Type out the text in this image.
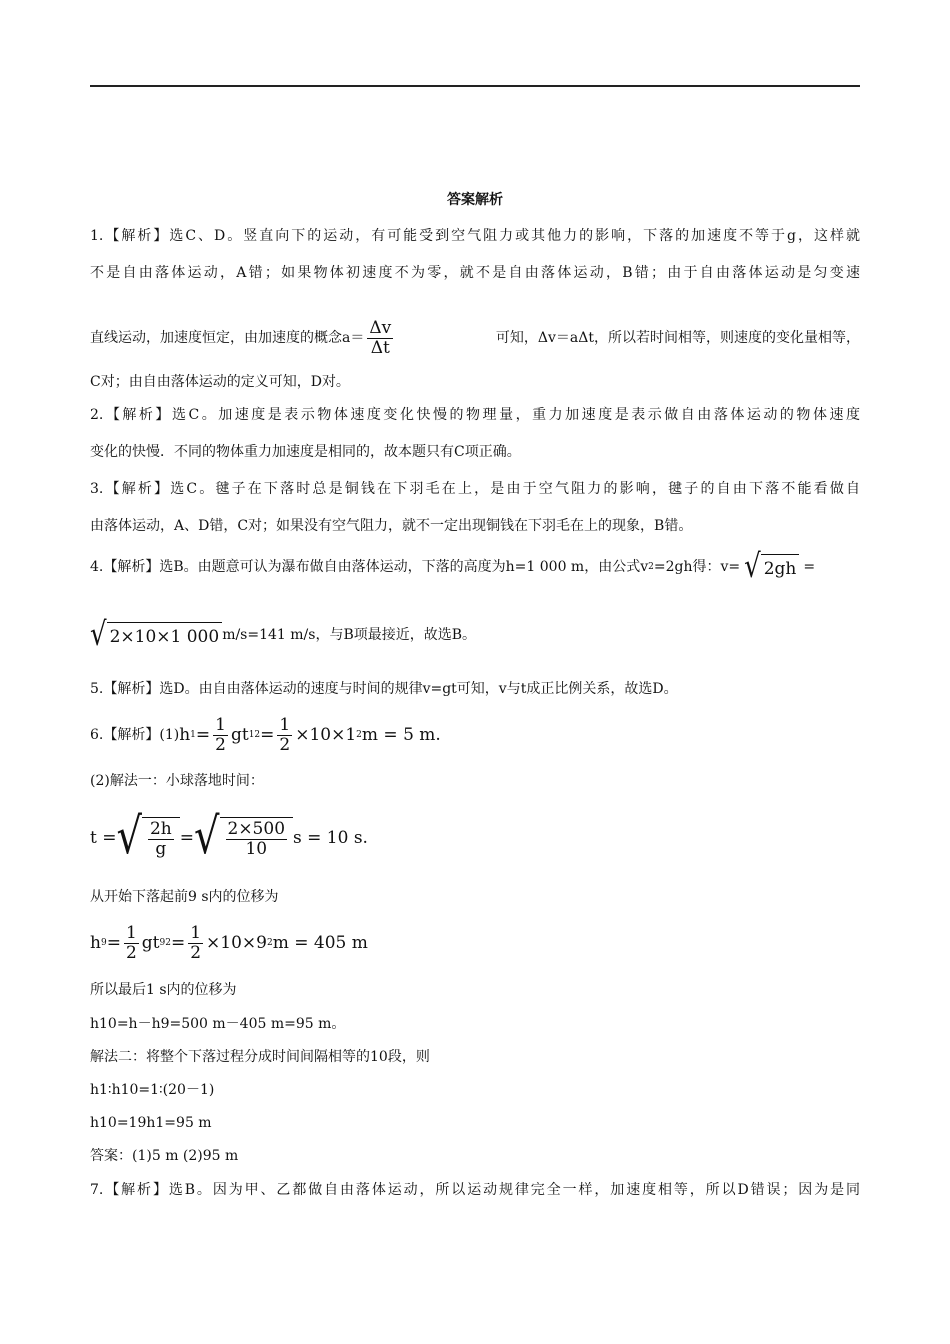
答案解析
1.【解析】选C、D。竖直向下的运动，有可能受到空气阻力或其他力的影响，下落的加速度不等于g，这样就
不是自由落体运动，A错；如果物体初速度不为零，就不是自由落体运动，B错；由于自由落体运动是匀变速
直线运动，加速度恒定，由加速度的概念$a= \frac{\Delta v}{\Delta t}$	可知，Δv＝aΔt，所以若时间相等，则速度的变化量相等，
C对；由自由落体运动的定义可知，D对。
2.【解析】选C。加速度是表示物体速度变化快慢的物理量，重力加速度是表示做自由落体运动的物体速度
变化的快慢．不同的物体重力加速度是相同的，故本题只有C项正确。
3.【解析】选C。毽子在下落时总是铜钱在下羽毛在上，是由于空气阻力的影响，毽子的自由下落不能看做自
由落体运动，A、D错，C对；如果没有空气阻力，就不一定出现铜钱在下羽毛在上的现象，B错。
4.【解析】选B。由题意可认为瀑布做自由落体运动，下落的高度为h=1 000 m，由公式v 2 =2gh得：v= √ 2gh =
√ 2×10×1 000 m/s=141 m/s，与B项最接近，故选B。
5.【解析】选D。由自由落体运动的速度与时间的规律v=gt可知，v与t成正比例关系，故选D。
6.【解析】(1) h $1 = \frac{1}{2}$ gt 1 $2 = \frac{1}{2} \times 10\times 1$ 2 m = 5 m.
(2)解法一：小球落地时间：
t = √ $\frac{2h}{g}$ = √ $\frac{2\times 500}{10}$ s = 10 s.
从开始下落起前9 s内的位移为
h $9 = \frac{1}{2}$ gt 9 $2 = \frac{1}{2} \times 10\times 9$ 2 m = 405 m
所以最后1 s内的位移为
h10=h－h9=500 m－405 m=95 m。
解法二：将整个下落过程分成时间间隔相等的10段，则
h1∶h10=1∶(20－1)
h10=19h1=95 m
答案：(1)5 m (2)95 m
7.【解析】选B。因为甲、乙都做自由落体运动，所以运动规律完全一样，加速度相等，所以D错误；因为是同
